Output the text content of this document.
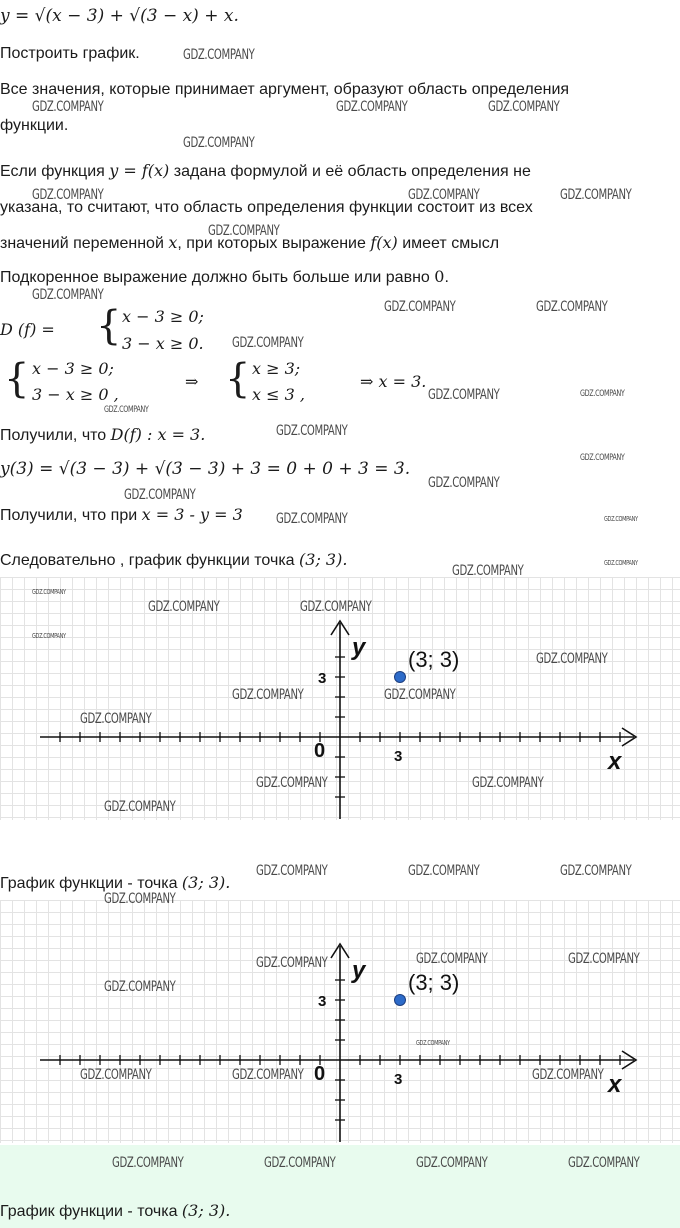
y = √(x − 3) + √(3 − x) + x.
Построить график.
Все значения, которые принимает аргумент, образуют область определения
функции.
Если функция y = f(x) задана формулой и её область определения не
указана, то считают, что область определения функции состоит из всех
значений переменной x, при которых выражение f(x) имеет смысл
Подкоренное выражение должно быть больше или равно 0.
D (f) = { x − 3 ≥ 0;
3 − x ≥ 0.
{ x − 3 ≥ 0;
3 − x ≥ 0 ,
⇒ { x ≥ 3;
x ≤ 3 ,
⇒ x = 3.
Получили, что D(f) : x = 3.
y(3) = √(3 − 3) + √(3 − 3) + 3 = 0 + 0 + 3 = 3.
Получили, что при x = 3 - y = 3
Следовательно , график функции точка (3; 3).
0	3
3
y
x
(3; 3)
График функции - точка (3; 3).
0	3
3
y
x
(3; 3)
График функции - точка (3; 3).
GDZ.COMPANY
GDZ.COMPANY	GDZ.COMPANY	GDZ.COMPANY
GDZ.COMPANY
GDZ.COMPANY	GDZ.COMPANY	GDZ.COMPANY
GDZ.COMPANY
GDZ.COMPANY
GDZ.COMPANY	GDZ.COMPANY
GDZ.COMPANY
GDZ.COMPANY	GDZ.COMPANY
GDZ.COMPANY
GDZ.COMPANY
GDZ.COMPANY
GDZ.COMPANY
GDZ.COMPANY
GDZ.COMPANY	GDZ.COMPANY
GDZ.COMPANY
GDZ.COMPANY
GDZ.COMPANY
GDZ.COMPANY	GDZ.COMPANY
GDZ.COMPANY
GDZ.COMPANY
GDZ.COMPANY	GDZ.COMPANY
GDZ.COMPANY
GDZ.COMPANY	GDZ.COMPANY
GDZ.COMPANY
GDZ.COMPANY	GDZ.COMPANY	GDZ.COMPANY
GDZ.COMPANY
GDZ.COMPANY	GDZ.COMPANY
GDZ.COMPANY
GDZ.COMPANY
GDZ.COMPANY
GDZ.COMPANY	GDZ.COMPANY	GDZ.COMPANY
GDZ.COMPANY	GDZ.COMPANY	GDZ.COMPANY	GDZ.COMPANY
